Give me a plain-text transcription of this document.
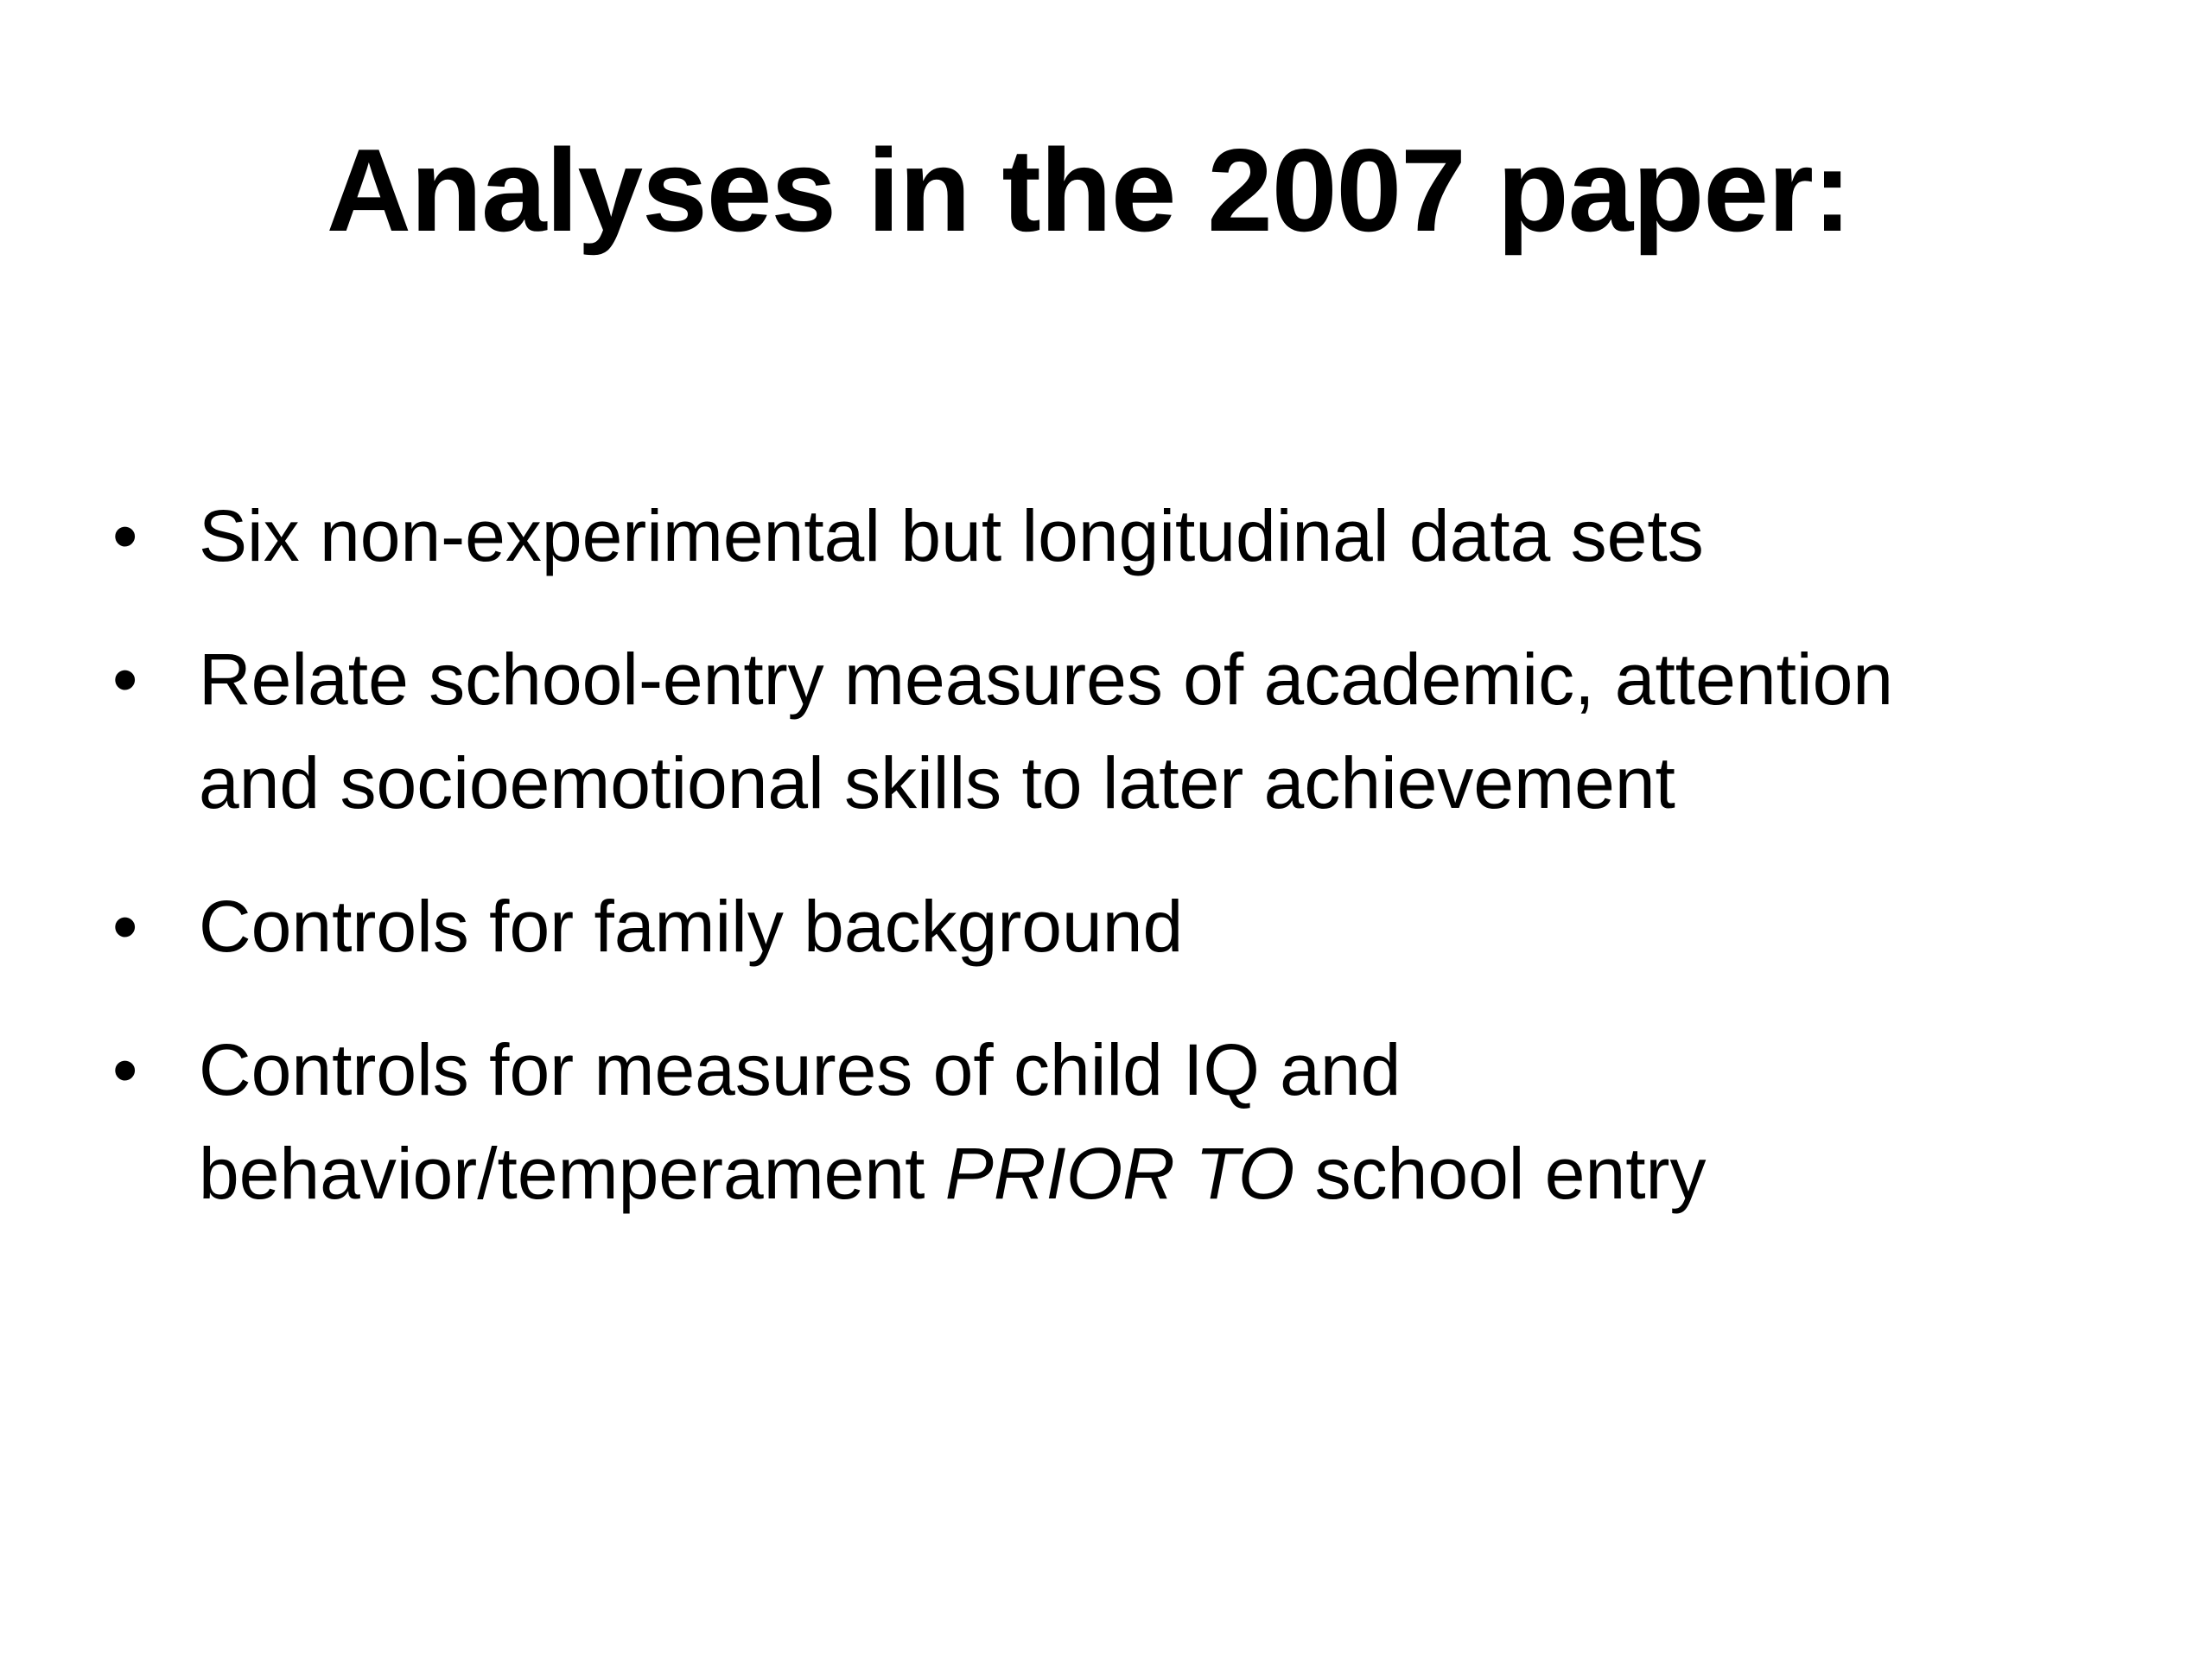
Analyses in the 2007 paper:
• Six non-experimental but longitudinal data sets
• Relate school-entry measures of academic, attention and socioemotional skills to later achievement
• Controls for family background
• Controls for measures of child IQ and behavior/temperament PRIOR TO school entry
